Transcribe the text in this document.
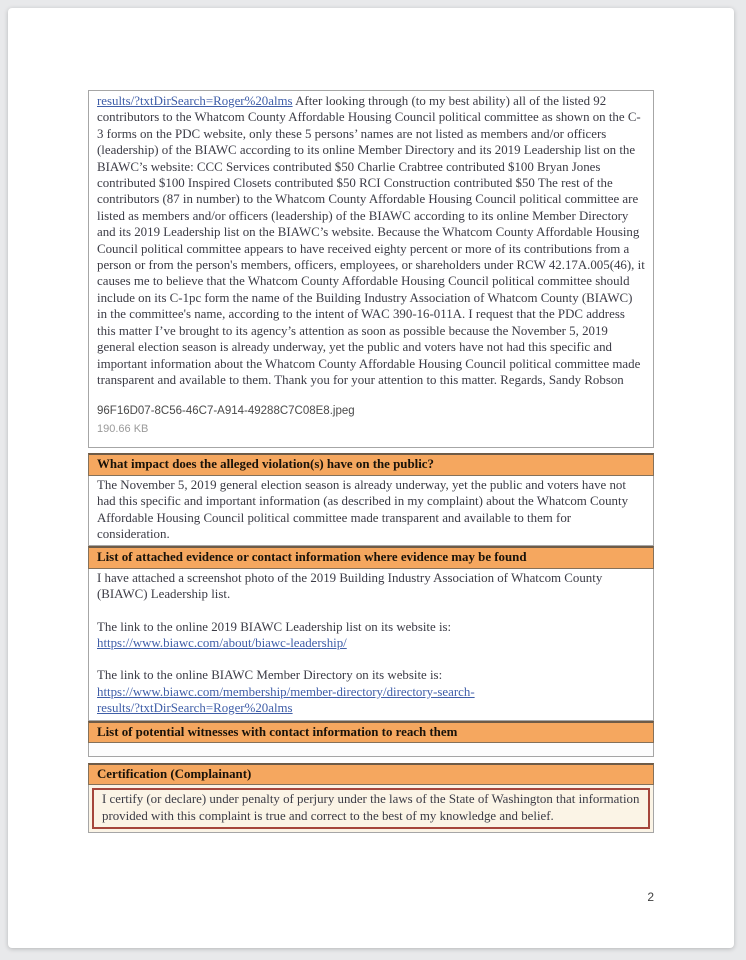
results/?txtDirSearch=Roger%20alms After looking through (to my best ability) all of the listed 92 contributors to the Whatcom County Affordable Housing Council political committee as shown on the C-3 forms on the PDC website, only these 5 persons’ names are not listed as members and/or officers (leadership) of the BIAWC according to its online Member Directory and its 2019 Leadership list on the BIAWC’s website: CCC Services contributed $50 Charlie Crabtree contributed $100 Bryan Jones contributed $100 Inspired Closets contributed $50 RCI Construction contributed $50 The rest of the contributors (87 in number) to the Whatcom County Affordable Housing Council political committee are listed as members and/or officers (leadership) of the BIAWC according to its online Member Directory and its 2019 Leadership list on the BIAWC’s website. Because the Whatcom County Affordable Housing Council political committee appears to have received eighty percent or more of its contributions from a person or from the person's members, officers, employees, or shareholders under RCW 42.17A.005(46), it causes me to believe that the Whatcom County Affordable Housing Council political committee should include on its C-1pc form the name of the Building Industry Association of Whatcom County (BIAWC) in the committee's name, according to the intent of WAC 390-16-011A. I request that the PDC address this matter I’ve brought to its agency’s attention as soon as possible because the November 5, 2019 general election season is already underway, yet the public and voters have not had this specific and important information about the Whatcom County Affordable Housing Council political committee made transparent and available to them. Thank you for your attention to this matter. Regards, Sandy Robson
96F16D07-8C56-46C7-A914-49288C7C08E8.jpeg
190.66 KB
What impact does the alleged violation(s) have on the public?

The November 5, 2019 general election season is already underway, yet the public and voters have not had this specific and important information (as described in my complaint) about the Whatcom County Affordable Housing Council political committee made transparent and available to them for consideration.

List of attached evidence or contact information where evidence may be found

I have attached a screenshot photo of the 2019 Building Industry Association of Whatcom County (BIAWC) Leadership list.

The link to the online 2019 BIAWC Leadership list on its website is:

https://www.biawc.com/about/biawc-leadership/

The link to the online BIAWC Member Directory on its website is:

https://www.biawc.com/membership/member-directory/directory-search-
results/?txtDirSearch=Roger%20alms

List of potential witnesses with contact information to reach them
Certification (Complainant)
I certify (or declare) under penalty of perjury under the laws of the State of Washington that information provided with this complaint is true and correct to the best of my knowledge and belief.
2
